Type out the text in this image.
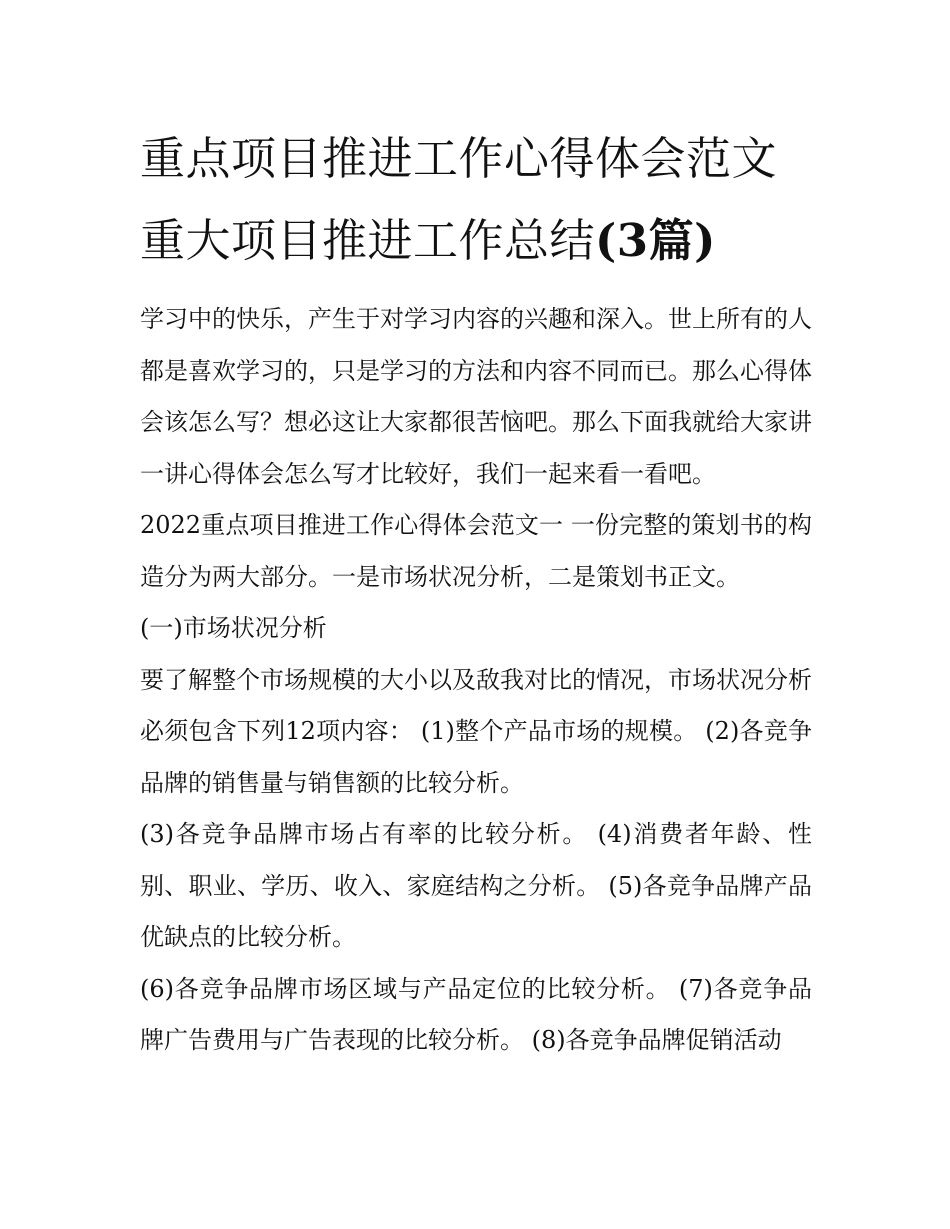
重点项目推进工作心得体会范文 重大项目推进工作总结(3篇)

学习中的快乐，产生于对学习内容的兴趣和深入。世上所有的人都是喜欢学习的，只是学习的方法和内容不同而已。那么心得体会该怎么写？想必这让大家都很苦恼吧。那么下面我就给大家讲一讲心得体会怎么写才比较好，我们一起来看一看吧。

2022重点项目推进工作心得体会范文一 一份完整的策划书的构造分为两大部分。一是市场状况分析，二是策划书正文。

(一)市场状况分析

要了解整个市场规模的大小以及敌我对比的情况，市场状况分析必须包含下列12项内容： (1)整个产品市场的规模。 (2)各竞争品牌的销售量与销售额的比较分析。

(3)各竞争品牌市场占有率的比较分析。 (4)消费者年龄、性别、职业、学历、收入、家庭结构之分析。 (5)各竞争品牌产品优缺点的比较分析。

(6)各竞争品牌市场区域与产品定位的比较分析。 (7)各竞争品牌广告费用与广告表现的比较分析。 (8)各竞争品牌促销活动
